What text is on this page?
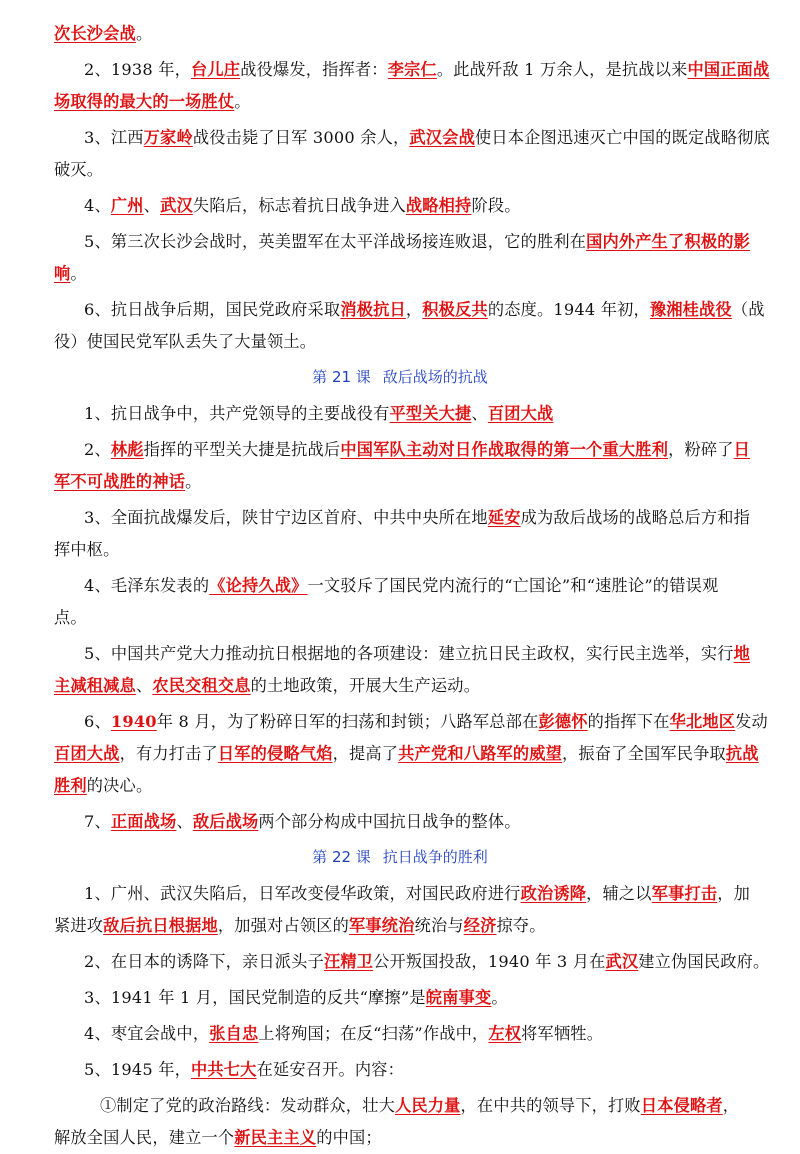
次长沙会战。
2、1938 年，台儿庄战役爆发，指挥者：李宗仁。此战歼敌 1 万余人，是抗战以来中国正面战
场取得的最大的一场胜仗。
3、江西万家岭战役击毙了日军 3000 余人，武汉会战使日本企图迅速灭亡中国的既定战略彻底
破灭。
4、广州、武汉失陷后，标志着抗日战争进入战略相持阶段。
5、第三次长沙会战时，英美盟军在太平洋战场接连败退，它的胜利在国内外产生了积极的影
响。
6、抗日战争后期，国民党政府采取消极抗日，积极反共的态度。1944 年初，豫湘桂战役（战
役）使国民党军队丢失了大量领土。
1、抗日战争中，共产党领导的主要战役有平型关大捷、百团大战
2、林彪指挥的平型关大捷是抗战后中国军队主动对日作战取得的第一个重大胜利，粉碎了日
军不可战胜的神话。
3、全面抗战爆发后，陕甘宁边区首府、中共中央所在地延安成为敌后战场的战略总后方和指
挥中枢。
4、毛泽东发表的《论持久战》一文驳斥了国民党内流行的“亡国论”和“速胜论”的错误观
点。
5、中国共产党大力推动抗日根据地的各项建设：建立抗日民主政权，实行民主选举，实行地
主减租减息、农民交租交息的土地政策，开展大生产运动。
6、1940年 8 月，为了粉碎日军的扫荡和封锁；八路军总部在彭德怀的指挥下在华北地区发动
百团大战，有力打击了日军的侵略气焰，提高了共产党和八路军的威望，振奋了全国军民争取抗战
胜利的决心。
7、正面战场、敌后战场两个部分构成中国抗日战争的整体。
1、广州、武汉失陷后，日军改变侵华政策，对国民政府进行政治诱降，辅之以军事打击，加
紧进攻敌后抗日根据地，加强对占领区的军事统治统治与经济掠夺。
2、在日本的诱降下，亲日派头子汪精卫公开叛国投敌，1940 年 3 月在武汉建立伪国民政府。
3、1941 年 1 月，国民党制造的反共“摩擦”是皖南事变。
4、枣宜会战中，张自忠上将殉国；在反“扫荡”作战中，左权将军牺牲。
5、1945 年，中共七大在延安召开。内容：
①制定了党的政治路线：发动群众，壮大人民力量，在中共的领导下，打败日本侵略者，
解放全国人民，建立一个新民主主义的中国；
第 21 课 敌后战场的抗战
第 22 课 抗日战争的胜利
